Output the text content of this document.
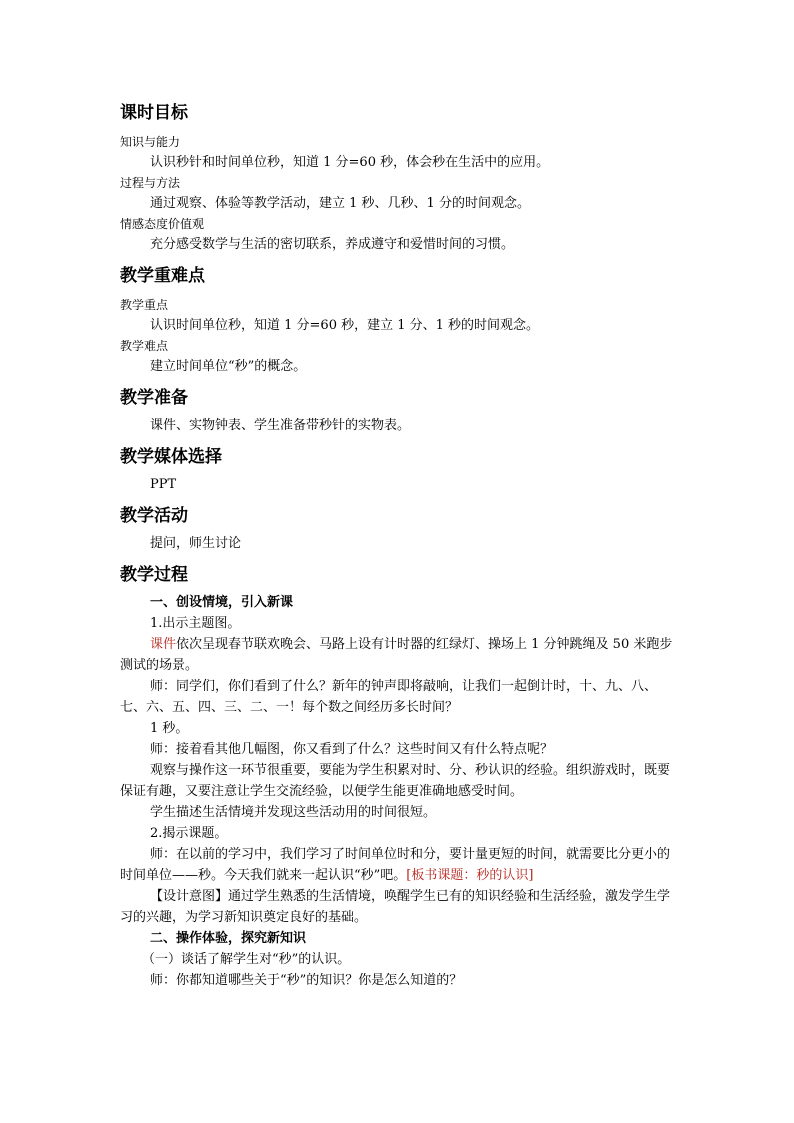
课时目标
知识与能力
认识秒针和时间单位秒，知道 1 分=60 秒，体会秒在生活中的应用。
过程与方法
通过观察、体验等教学活动，建立 1 秒、几秒、1 分的时间观念。
情感态度价值观
充分感受数学与生活的密切联系，养成遵守和爱惜时间的习惯。
教学重难点
教学重点
认识时间单位秒，知道 1 分=60 秒，建立 1 分、1 秒的时间观念。
教学难点
建立时间单位“秒”的概念。
教学准备
课件、实物钟表、学生准备带秒针的实物表。
教学媒体选择
PPT
教学活动
提问，师生讨论
教学过程
一、创设情境，引入新课
1.出示主题图。
课件依次呈现春节联欢晚会、马路上设有计时器的红绿灯、操场上 1 分钟跳绳及 50 米跑步测试的场景。
师：同学们，你们看到了什么？新年的钟声即将敲响，让我们一起倒计时，十、九、八、七、六、五、四、三、二、一！每个数之间经历多长时间？
1 秒。
师：接着看其他几幅图，你又看到了什么？这些时间又有什么特点呢？
观察与操作这一环节很重要，要能为学生积累对时、分、秒认识的经验。组织游戏时，既要保证有趣，又要注意让学生交流经验，以便学生能更准确地感受时间。
学生描述生活情境并发现这些活动用的时间很短。
2.揭示课题。
师：在以前的学习中，我们学习了时间单位时和分，要计量更短的时间，就需要比分更小的时间单位——秒。今天我们就来一起认识“秒”吧。[板书课题：秒的认识]
【设计意图】通过学生熟悉的生活情境，唤醒学生已有的知识经验和生活经验，激发学生学习的兴趣，为学习新知识奠定良好的基础。
二、操作体验，探究新知识
（一）谈话了解学生对“秒”的认识。
师：你都知道哪些关于“秒”的知识？你是怎么知道的？
